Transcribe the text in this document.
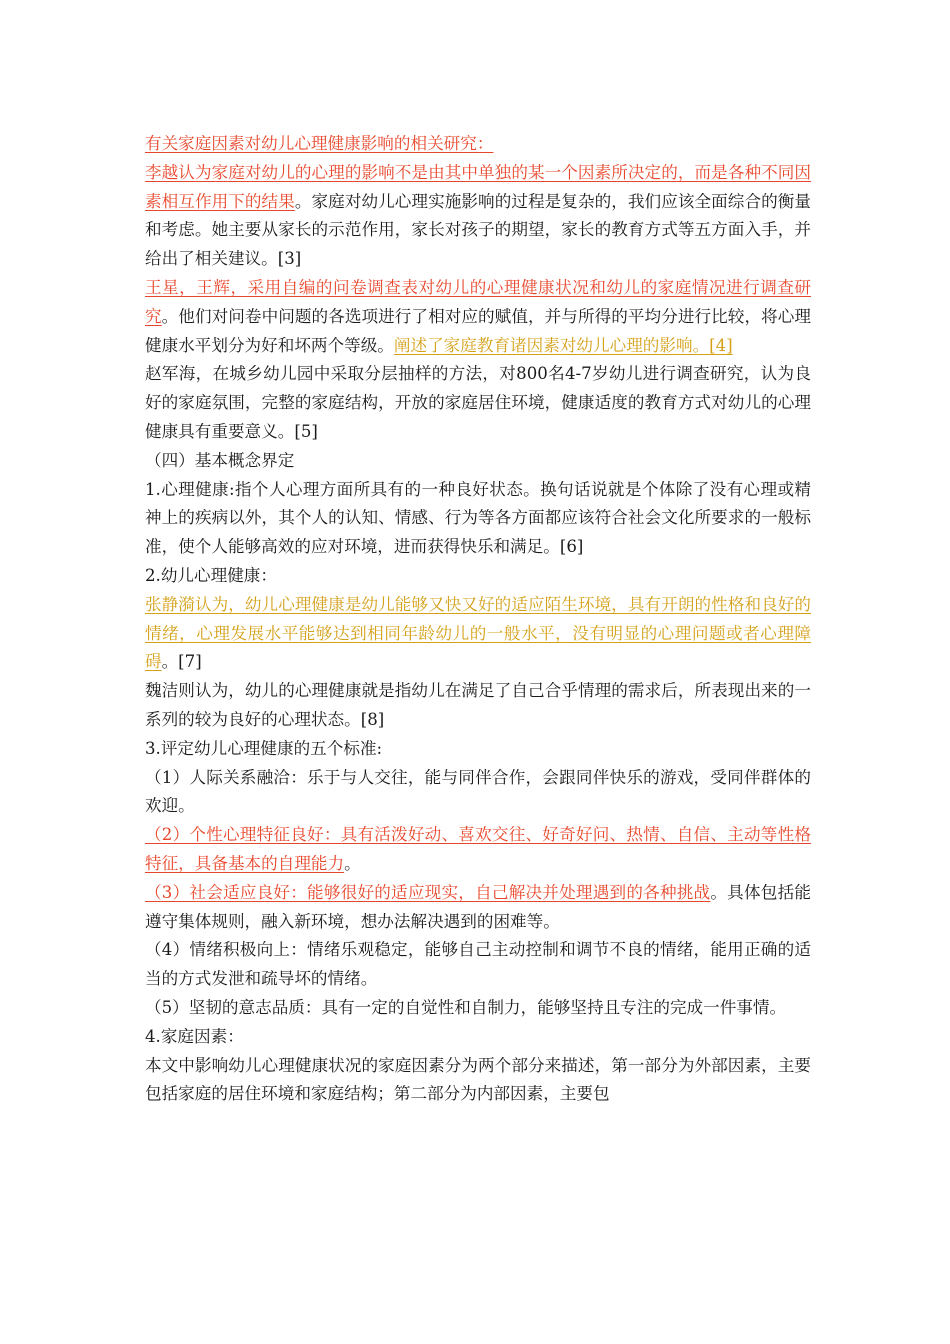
有关家庭因素对幼儿心理健康影响的相关研究：

李越认为家庭对幼儿的心理的影响不是由其中单独的某一个因素所决定的，而是各种不同因素相互作用下的结果。家庭对幼儿心理实施影响的过程是复杂的，我们应该全面综合的衡量和考虑。她主要从家长的示范作用，家长对孩子的期望，家长的教育方式等五方面入手，并给出了相关建议。[3]

王星，王辉，采用自编的问卷调查表对幼儿的心理健康状况和幼儿的家庭情况进行调查研究。他们对问卷中问题的各选项进行了相对应的赋值，并与所得的平均分进行比较，将心理健康水平划分为好和坏两个等级。阐述了家庭教育诸因素对幼儿心理的影响。[4]

赵军海，在城乡幼儿园中采取分层抽样的方法，对800名4-7岁幼儿进行调查研究，认为良好的家庭氛围，完整的家庭结构，开放的家庭居住环境，健康适度的教育方式对幼儿的心理健康具有重要意义。[5]

（四）基本概念界定

1.心理健康:指个人心理方面所具有的一种良好状态。换句话说就是个体除了没有心理或精神上的疾病以外，其个人的认知、情感、行为等各方面都应该符合社会文化所要求的一般标准，使个人能够高效的应对环境，进而获得快乐和满足。[6]

2.幼儿心理健康：

张静漪认为，幼儿心理健康是幼儿能够又快又好的适应陌生环境，具有开朗的性格和良好的情绪，心理发展水平能够达到相同年龄幼儿的一般水平，没有明显的心理问题或者心理障碍。[7]

魏洁则认为，幼儿的心理健康就是指幼儿在满足了自己合乎情理的需求后，所表现出来的一系列的较为良好的心理状态。[8]

3.评定幼儿心理健康的五个标准:

（1）人际关系融洽：乐于与人交往，能与同伴合作，会跟同伴快乐的游戏，受同伴群体的欢迎。

（2）个性心理特征良好：具有活泼好动、喜欢交往、好奇好问、热情、自信、主动等性格特征，具备基本的自理能力。

（3）社会适应良好：能够很好的适应现实，自己解决并处理遇到的各种挑战。具体包括能遵守集体规则，融入新环境，想办法解决遇到的困难等。

（4）情绪积极向上：情绪乐观稳定，能够自己主动控制和调节不良的情绪，能用正确的适当的方式发泄和疏导坏的情绪。

（5）坚韧的意志品质：具有一定的自觉性和自制力，能够坚持且专注的完成一件事情。

4.家庭因素：

本文中影响幼儿心理健康状况的家庭因素分为两个部分来描述，第一部分为外部因素，主要包括家庭的居住环境和家庭结构；第二部分为内部因素，主要包
